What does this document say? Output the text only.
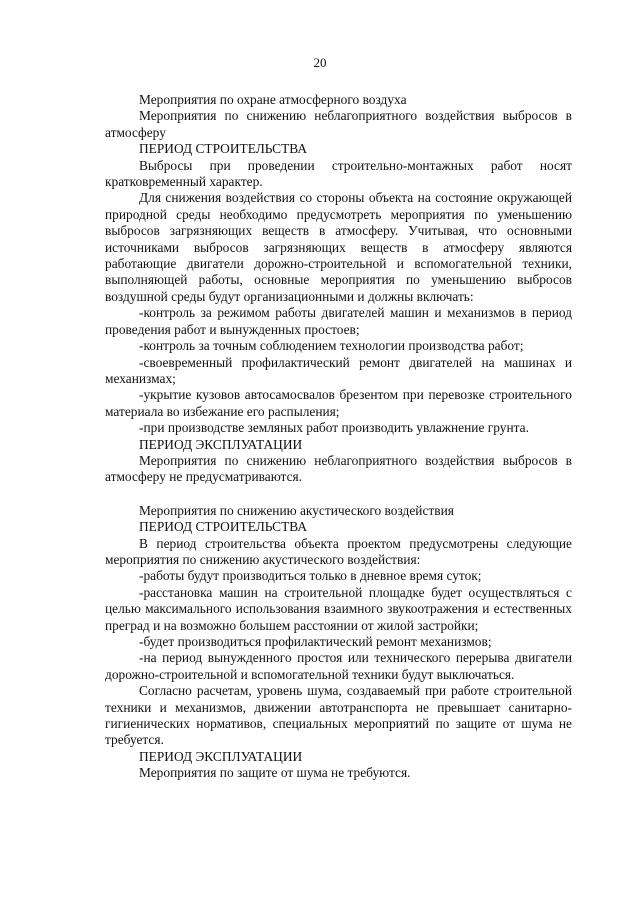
20

Мероприятия по охране атмосферного воздуха

Мероприятия по снижению неблагоприятного воздействия выбросов в атмосферу

ПЕРИОД СТРОИТЕЛЬСТВА

Выбросы при проведении строительно-монтажных работ носят кратковременный характер.

Для снижения воздействия со стороны объекта на состояние окружающей природной среды необходимо предусмотреть мероприятия по уменьшению выбросов загрязняющих веществ в атмосферу. Учитывая, что основными источниками выбросов загрязняющих веществ в атмосферу являются работающие двигатели дорожно-строительной и вспомогательной техники, выполняющей работы, основные мероприятия по уменьшению выбросов воздушной среды будут организационными и должны включать:

-контроль за режимом работы двигателей машин и механизмов в период проведения работ и вынужденных простоев;

-контроль за точным соблюдением технологии производства работ;

-своевременный профилактический ремонт двигателей на машинах и механизмах;

-укрытие кузовов автосамосвалов брезентом при перевозке строительного материала во избежание его распыления;

-при производстве земляных работ производить увлажнение грунта.

ПЕРИОД ЭКСПЛУАТАЦИИ

Мероприятия по снижению неблагоприятного воздействия выбросов в атмосферу не предусматриваются.

Мероприятия по снижению акустического воздействия

ПЕРИОД СТРОИТЕЛЬСТВА

В период строительства объекта проектом предусмотрены следующие мероприятия по снижению акустического воздействия:

-работы будут производиться только в дневное время суток;

-расстановка машин на строительной площадке будет осуществляться с целью максимального использования взаимного звукоотражения и естественных преград и на возможно большем расстоянии от жилой застройки;

-будет производиться профилактический ремонт механизмов;

-на период вынужденного простоя или технического перерыва двигатели дорожно-строительной и вспомогательной техники будут выключаться.

Согласно расчетам, уровень шума, создаваемый при работе строительной техники и механизмов, движении автотранспорта не превышает санитарно-гигиенических нормативов, специальных мероприятий по защите от шума не требуется.

ПЕРИОД ЭКСПЛУАТАЦИИ

Мероприятия по защите от шума не требуются.
